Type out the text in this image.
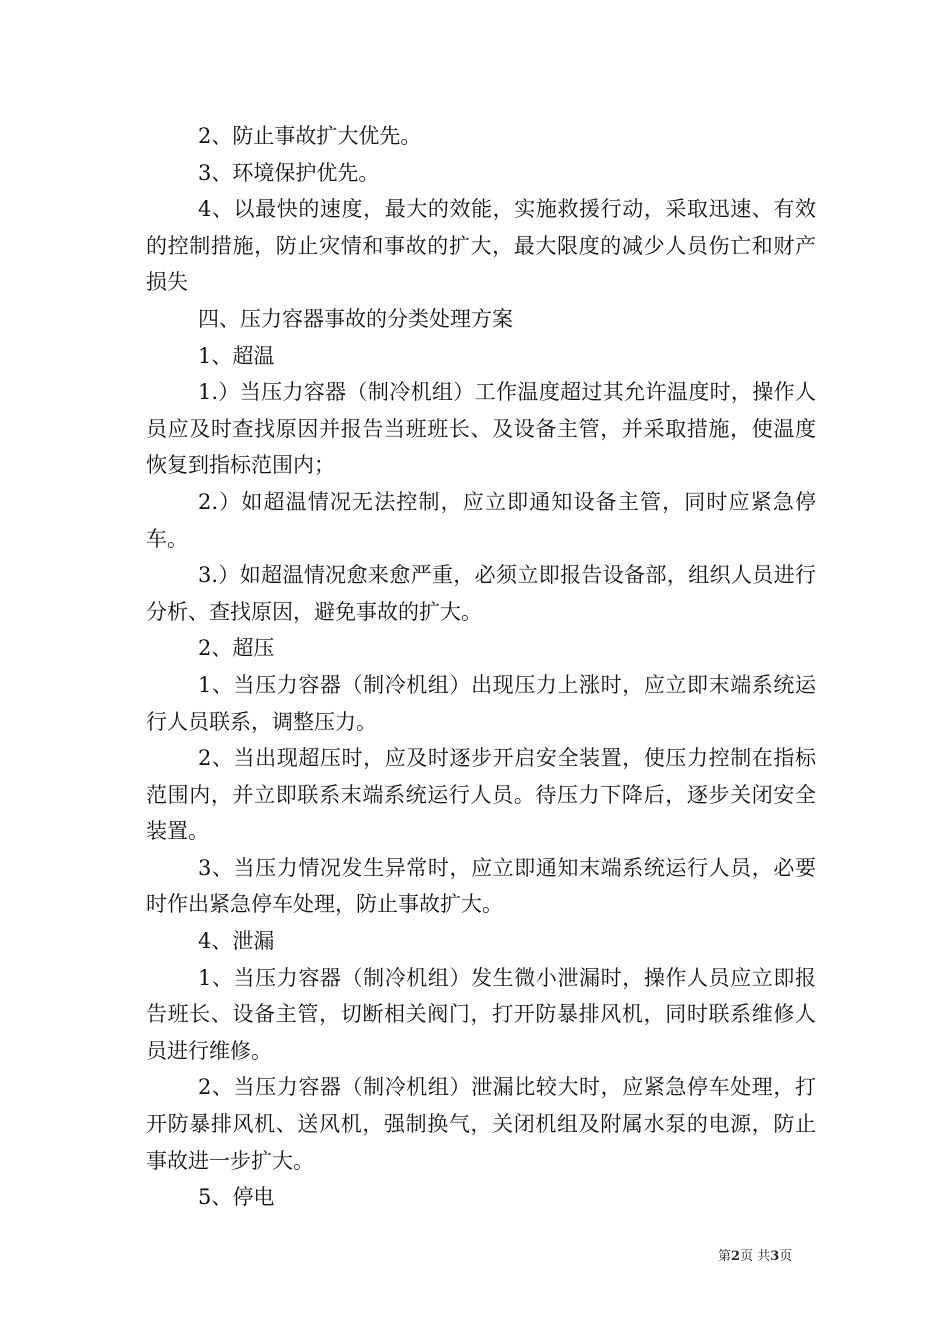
2、防止事故扩大优先。

3、环境保护优先。

4、以最快的速度，最大的效能，实施救援行动，采取迅速、有效的控制措施，防止灾情和事故的扩大，最大限度的减少人员伤亡和财产损失

四、压力容器事故的分类处理方案

1、超温

1.）当压力容器（制冷机组）工作温度超过其允许温度时，操作人员应及时查找原因并报告当班班长、及设备主管，并采取措施，使温度恢复到指标范围内；

2.）如超温情况无法控制，应立即通知设备主管，同时应紧急停车。

3.）如超温情况愈来愈严重，必须立即报告设备部，组织人员进行分析、查找原因，避免事故的扩大。

2、超压

1、当压力容器（制冷机组）出现压力上涨时，应立即末端系统运行人员联系，调整压力。

2、当出现超压时，应及时逐步开启安全装置，使压力控制在指标范围内，并立即联系末端系统运行人员。待压力下降后，逐步关闭安全装置。

3、当压力情况发生异常时，应立即通知末端系统运行人员，必要时作出紧急停车处理，防止事故扩大。

4、泄漏

1、当压力容器（制冷机组）发生微小泄漏时，操作人员应立即报告班长、设备主管，切断相关阀门，打开防暴排风机，同时联系维修人员进行维修。

2、当压力容器（制冷机组）泄漏比较大时，应紧急停车处理，打开防暴排风机、送风机，强制换气，关闭机组及附属水泵的电源，防止事故进一步扩大。

5、停电

第2页 共3页
